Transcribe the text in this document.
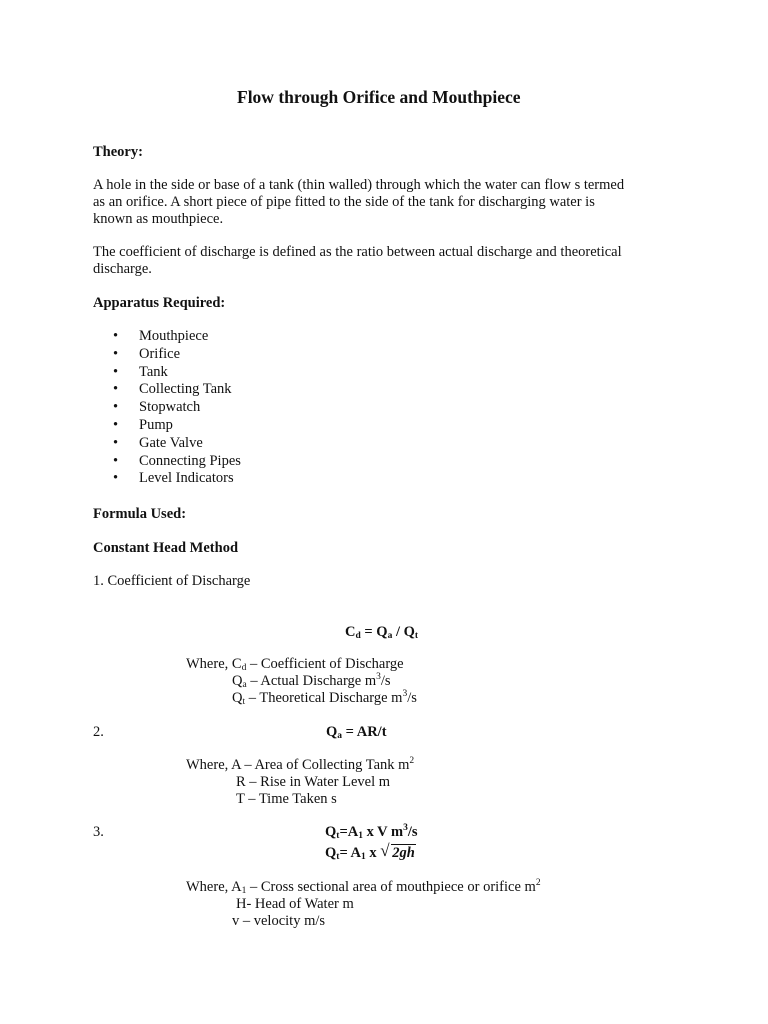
Flow through Orifice and Mouthpiece
Theory:
A hole in the side or base of a tank (thin walled) through which the water can flow s termed
as an orifice. A short piece of pipe fitted to the side of the tank for discharging water is
known as mouthpiece.
The coefficient of discharge is defined as the ratio between actual discharge and theoretical
discharge.
Apparatus Required:
• Mouthpiece
• Orifice
• Tank
• Collecting Tank
• Stopwatch
• Pump
• Gate Valve
• Connecting Pipes
• Level Indicators
Formula Used:
Constant Head Method
1. Coefficient of Discharge
$C_d = Q_a / Q_t$
Where, $C_d$ – Coefficient of Discharge
$Q_a$ – Actual Discharge $m^3/s$
$Q_t$ – Theoretical Discharge $m^3/s$
2.	$Q_a = AR/t$
Where, A – Area of Collecting Tank $m^2$
R – Rise in Water Level m
T – Time Taken s
3.	$Q_t=A_1$ x V $m^3/s$
$Q_t= A_1$ x √ 2gh
Where, $A_1$ – Cross sectional area of mouthpiece or orifice $m^2$
H- Head of Water m
v – velocity m/s
